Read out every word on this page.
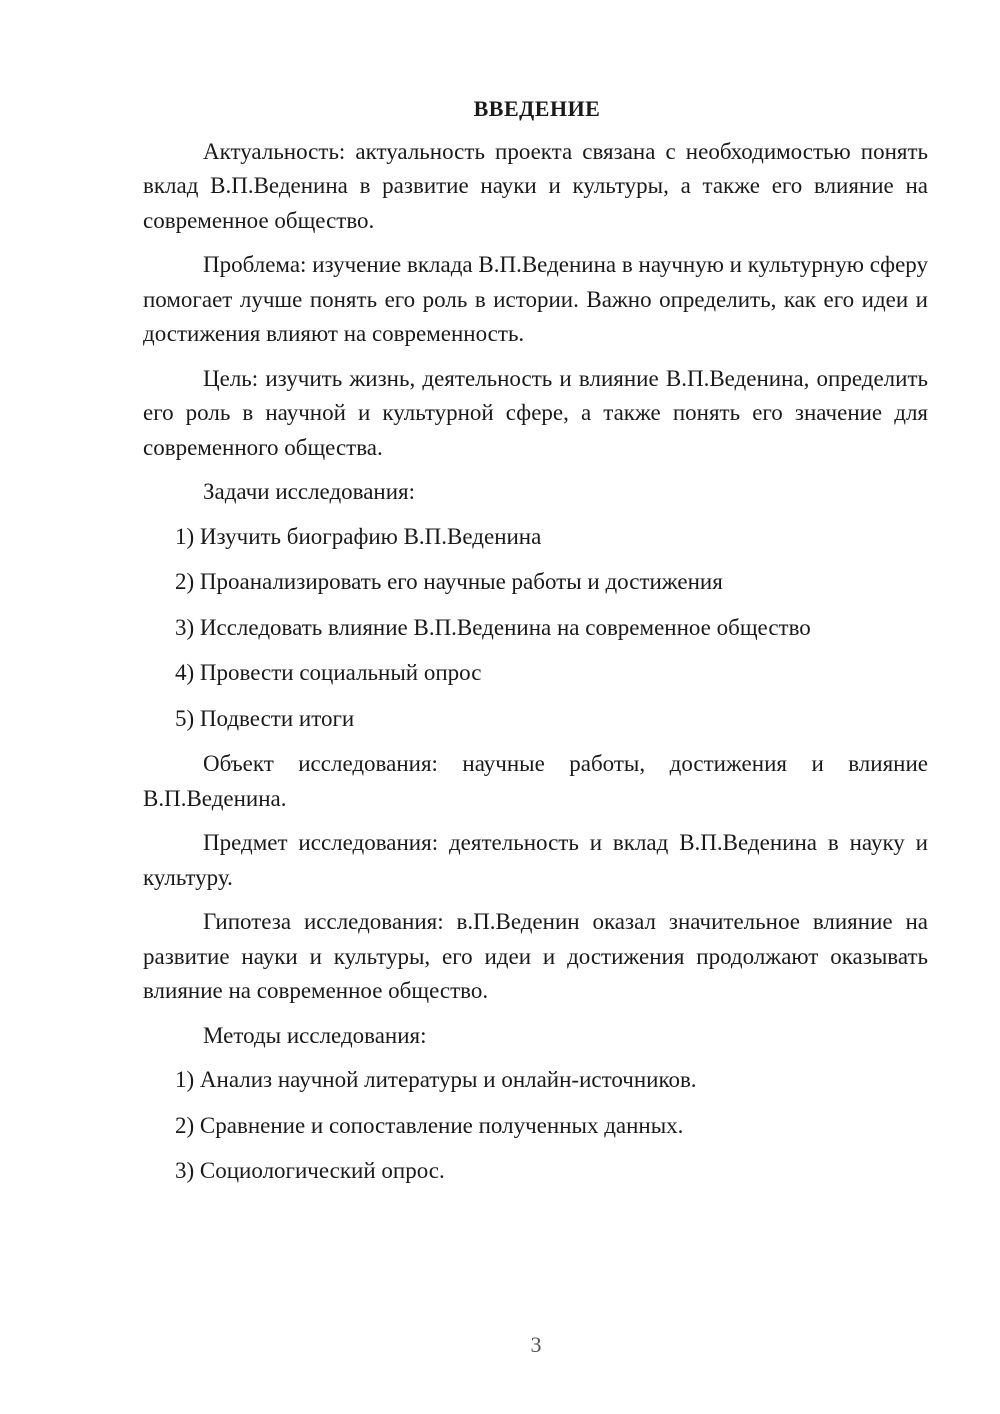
ВВЕДЕНИЕ

Актуальность: актуальность проекта связана с необходимостью понять вклад В.П.Веденина в развитие науки и культуры, а также его влияние на современное общество.

Проблема: изучение вклада В.П.Веденина в научную и культурную сферу помогает лучше понять его роль в истории. Важно определить, как его идеи и достижения влияют на современность.

Цель: изучить жизнь, деятельность и влияние В.П.Веденина, определить его роль в научной и культурной сфере, а также понять его значение для современного общества.

Задачи исследования:

1) Изучить биографию В.П.Веденина
2) Проанализировать его научные работы и достижения
3) Исследовать влияние В.П.Веденина на современное общество
4) Провести социальный опрос
5) Подвести итоги

Объект исследования: научные работы, достижения и влияние В.П.Веденина.

Предмет исследования: деятельность и вклад В.П.Веденина в науку и культуру.

Гипотеза исследования: в.П.Веденин оказал значительное влияние на развитие науки и культуры, его идеи и достижения продолжают оказывать влияние на современное общество.

Методы исследования:

1) Анализ научной литературы и онлайн-источников.
2) Сравнение и сопоставление полученных данных.
3) Социологический опрос.
3
